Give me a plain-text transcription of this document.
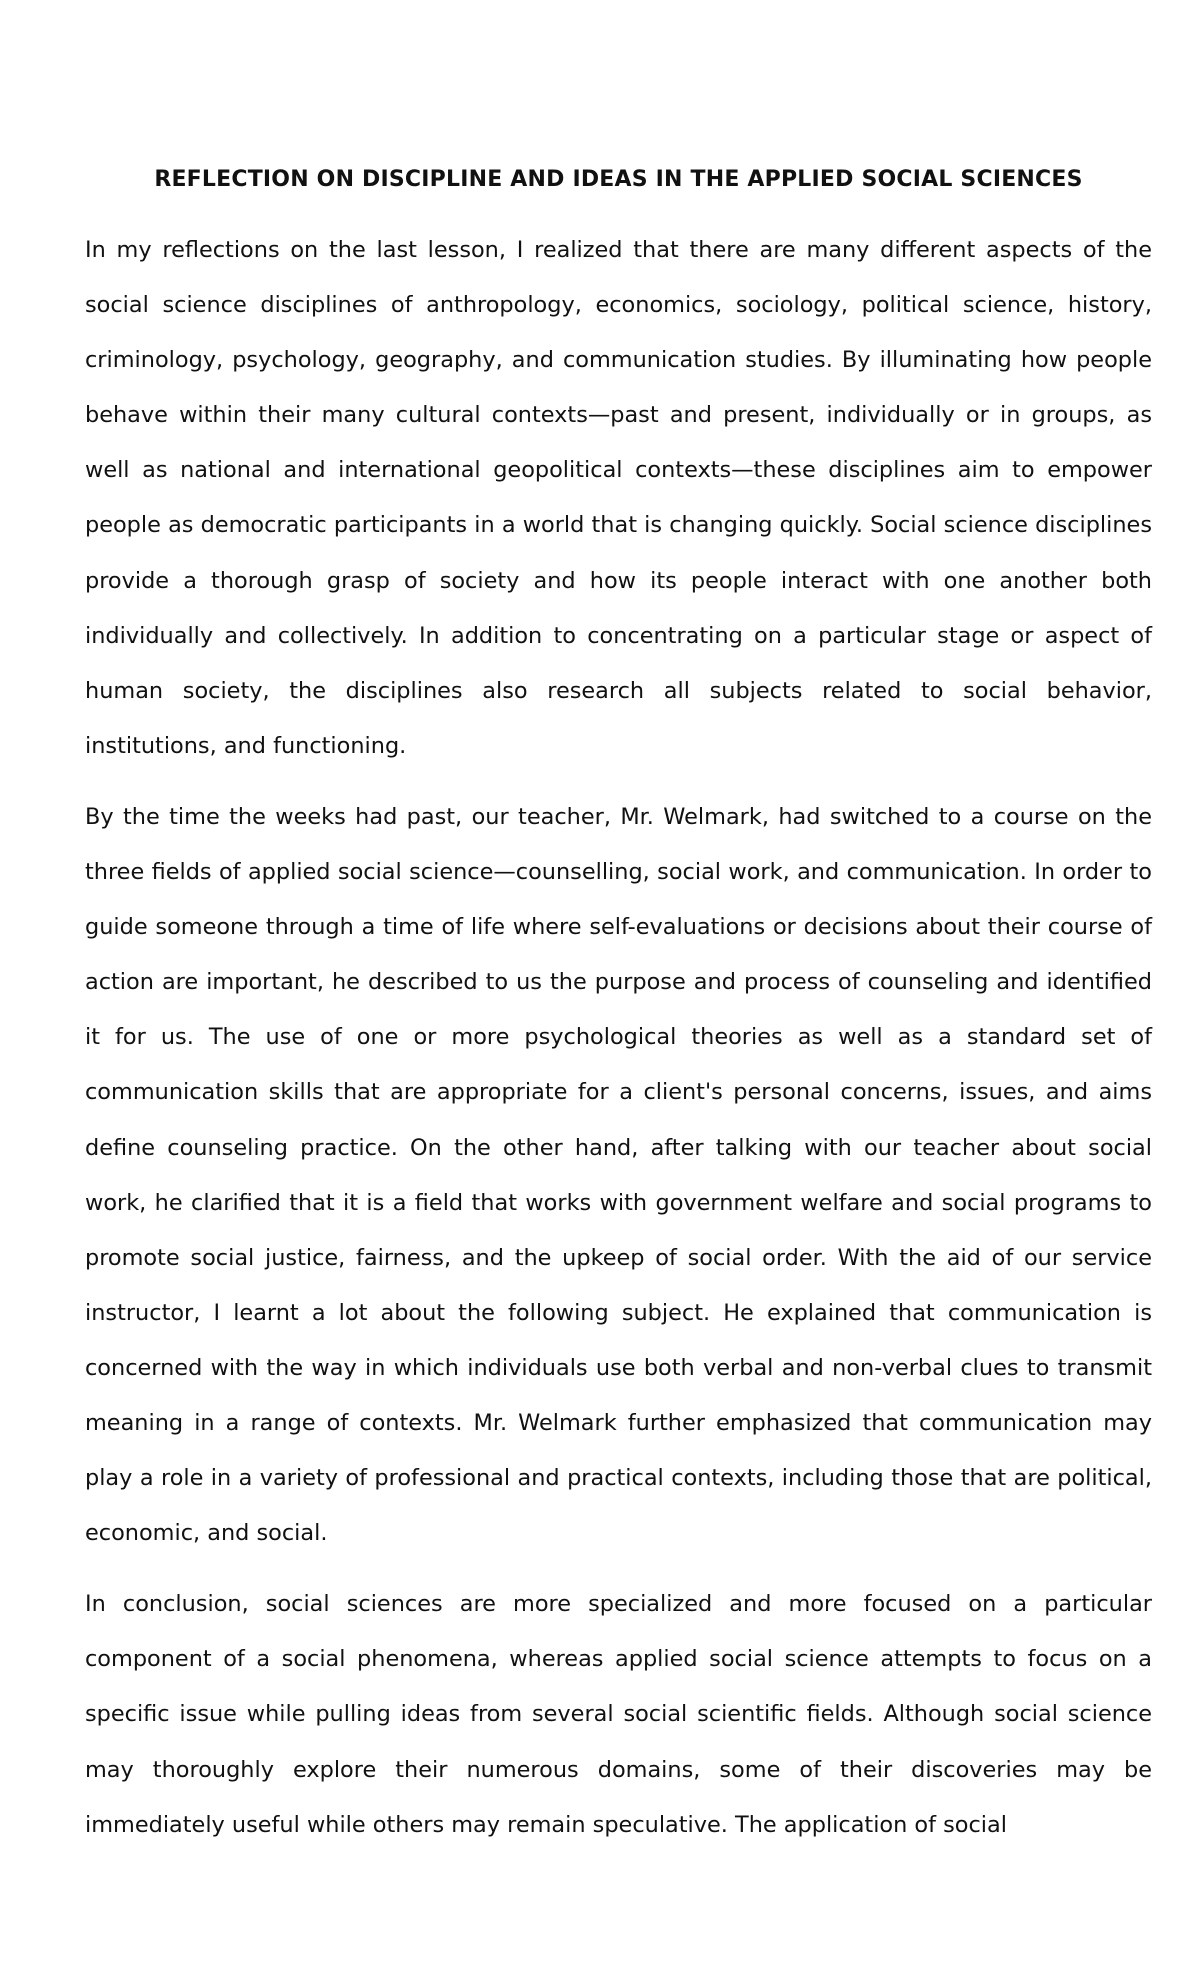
REFLECTION ON DISCIPLINE AND IDEAS IN THE APPLIED SOCIAL SCIENCES

In my reflections on the last lesson, I realized that there are many different aspects of the social science disciplines of anthropology, economics, sociology, political science, history, criminology, psychology, geography, and communication studies. By illuminating how people behave within their many cultural contexts—past and present, individually or in groups, as well as national and international geopolitical contexts—these disciplines aim to empower people as democratic participants in a world that is changing quickly. Social science disciplines provide a thorough grasp of society and how its people interact with one another both individually and collectively. In addition to concentrating on a particular stage or aspect of human society, the disciplines also research all subjects related to social behavior, institutions, and functioning.

By the time the weeks had past, our teacher, Mr. Welmark, had switched to a course on the three fields of applied social science—counselling, social work, and communication. In order to guide someone through a time of life where self-evaluations or decisions about their course of action are important, he described to us the purpose and process of counseling and identified it for us. The use of one or more psychological theories as well as a standard set of communication skills that are appropriate for a client's personal concerns, issues, and aims define counseling practice. On the other hand, after talking with our teacher about social work, he clarified that it is a field that works with government welfare and social programs to promote social justice, fairness, and the upkeep of social order. With the aid of our service instructor, I learnt a lot about the following subject. He explained that communication is concerned with the way in which individuals use both verbal and non-verbal clues to transmit meaning in a range of contexts. Mr. Welmark further emphasized that communication may play a role in a variety of professional and practical contexts, including those that are political, economic, and social.

In conclusion, social sciences are more specialized and more focused on a particular component of a social phenomena, whereas applied social science attempts to focus on a specific issue while pulling ideas from several social scientific fields. Although social science may thoroughly explore their numerous domains, some of their discoveries may be immediately useful while others may remain speculative. The application of social
